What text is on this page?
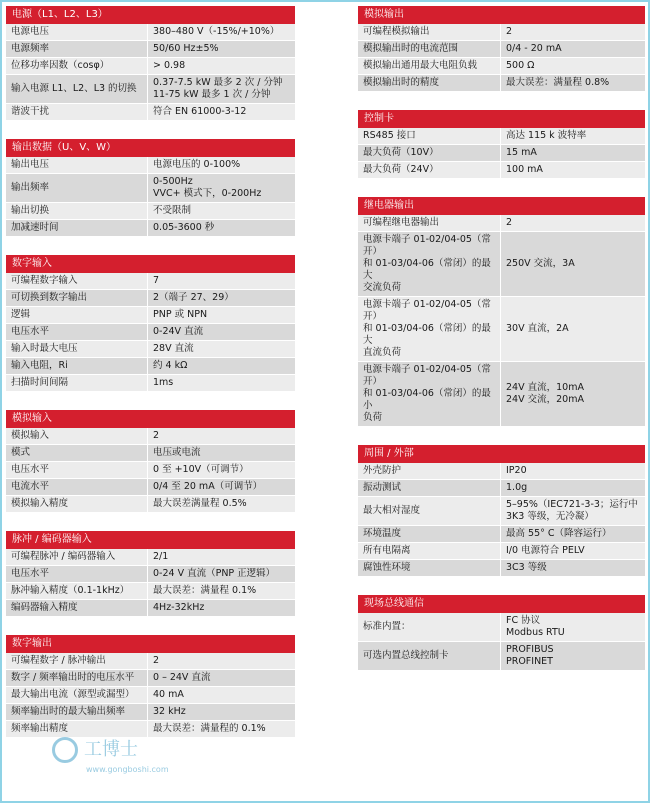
电源（L1、L2、L3）
电源电压	380–480 V（-15%/+10%）
电源频率	50/60 Hz±5%
位移功率因数（cosφ）	> 0.98
输入电源 L1、L2、L3 的切换	0.37-7.5 kW 最多 2 次 / 分钟
11-75 kW 最多 1 次 / 分钟
谐波干扰	符合 EN 61000-3-12
输出数据（U、V、W）
输出电压	电源电压的 0-100%
输出频率	0-500Hz
VVC+ 模式下，0-200Hz
输出切换	不受限制
加减速时间	0.05-3600 秒
数字输入
可编程数字输入	7
可切换到数字输出	2（端子 27、29）
逻辑	PNP 或 NPN
电压水平	0-24V 直流
输入时最大电压	28V 直流
输入电阻，Ri	约 4 kΩ
扫描时间间隔	1ms
模拟输入
模拟输入	2
模式	电压或电流
电压水平	0 至 +10V（可调节）
电流水平	0/4 至 20 mA（可调节）
模拟输入精度	最大误差满量程 0.5%
脉冲 / 编码器输入
可编程脉冲 / 编码器输入	2/1
电压水平	0-24 V 直流（PNP 正逻辑）
脉冲输入精度（0.1-1kHz）	最大误差：满量程 0.1%
编码器输入精度	4Hz-32kHz
数字输出
可编程数字 / 脉冲输出	2
数字 / 频率输出时的电压水平	0 – 24V 直流
最大输出电流（源型或漏型）	40 mA
频率输出时的最大输出频率	32 kHz
频率输出精度	最大误差：满量程的 0.1%
模拟输出
可编程模拟输出	2
模拟输出时的电流范围	0/4 - 20 mA
模拟输出通用最大电阻负载	500 Ω
模拟输出时的精度	最大误差：满量程 0.8%
控制卡
RS485 接口	高达 115 k 波特率
最大负荷（10V）	15 mA
最大负荷（24V）	100 mA
继电器输出
可编程继电器输出	2
电源卡端子 01-02/04-05（常开）
和 01-03/04-06（常闭）的最大
交流负荷	250V 交流，3A
电源卡端子 01-02/04-05（常开）
和 01-03/04-06（常闭）的最大
直流负荷	30V 直流，2A
电源卡端子 01-02/04-05（常开）
和 01-03/04-06（常闭）的最小
负荷	24V 直流，10mA
24V 交流，20mA
周围 / 外部
外壳防护	IP20
振动测试	1.0g
最大相对湿度	5–95%（IEC721-3-3；运行中
3K3 等级，无冷凝）
环境温度	最高 55° C（降容运行）
所有电隔离	I/0 电源符合 PELV
腐蚀性环境	3C3 等级
现场总线通信
标准内置：	FC 协议
Modbus RTU
可选内置总线控制卡	PROFIBUS
PROFINET
工博士
www.gongboshi.com
